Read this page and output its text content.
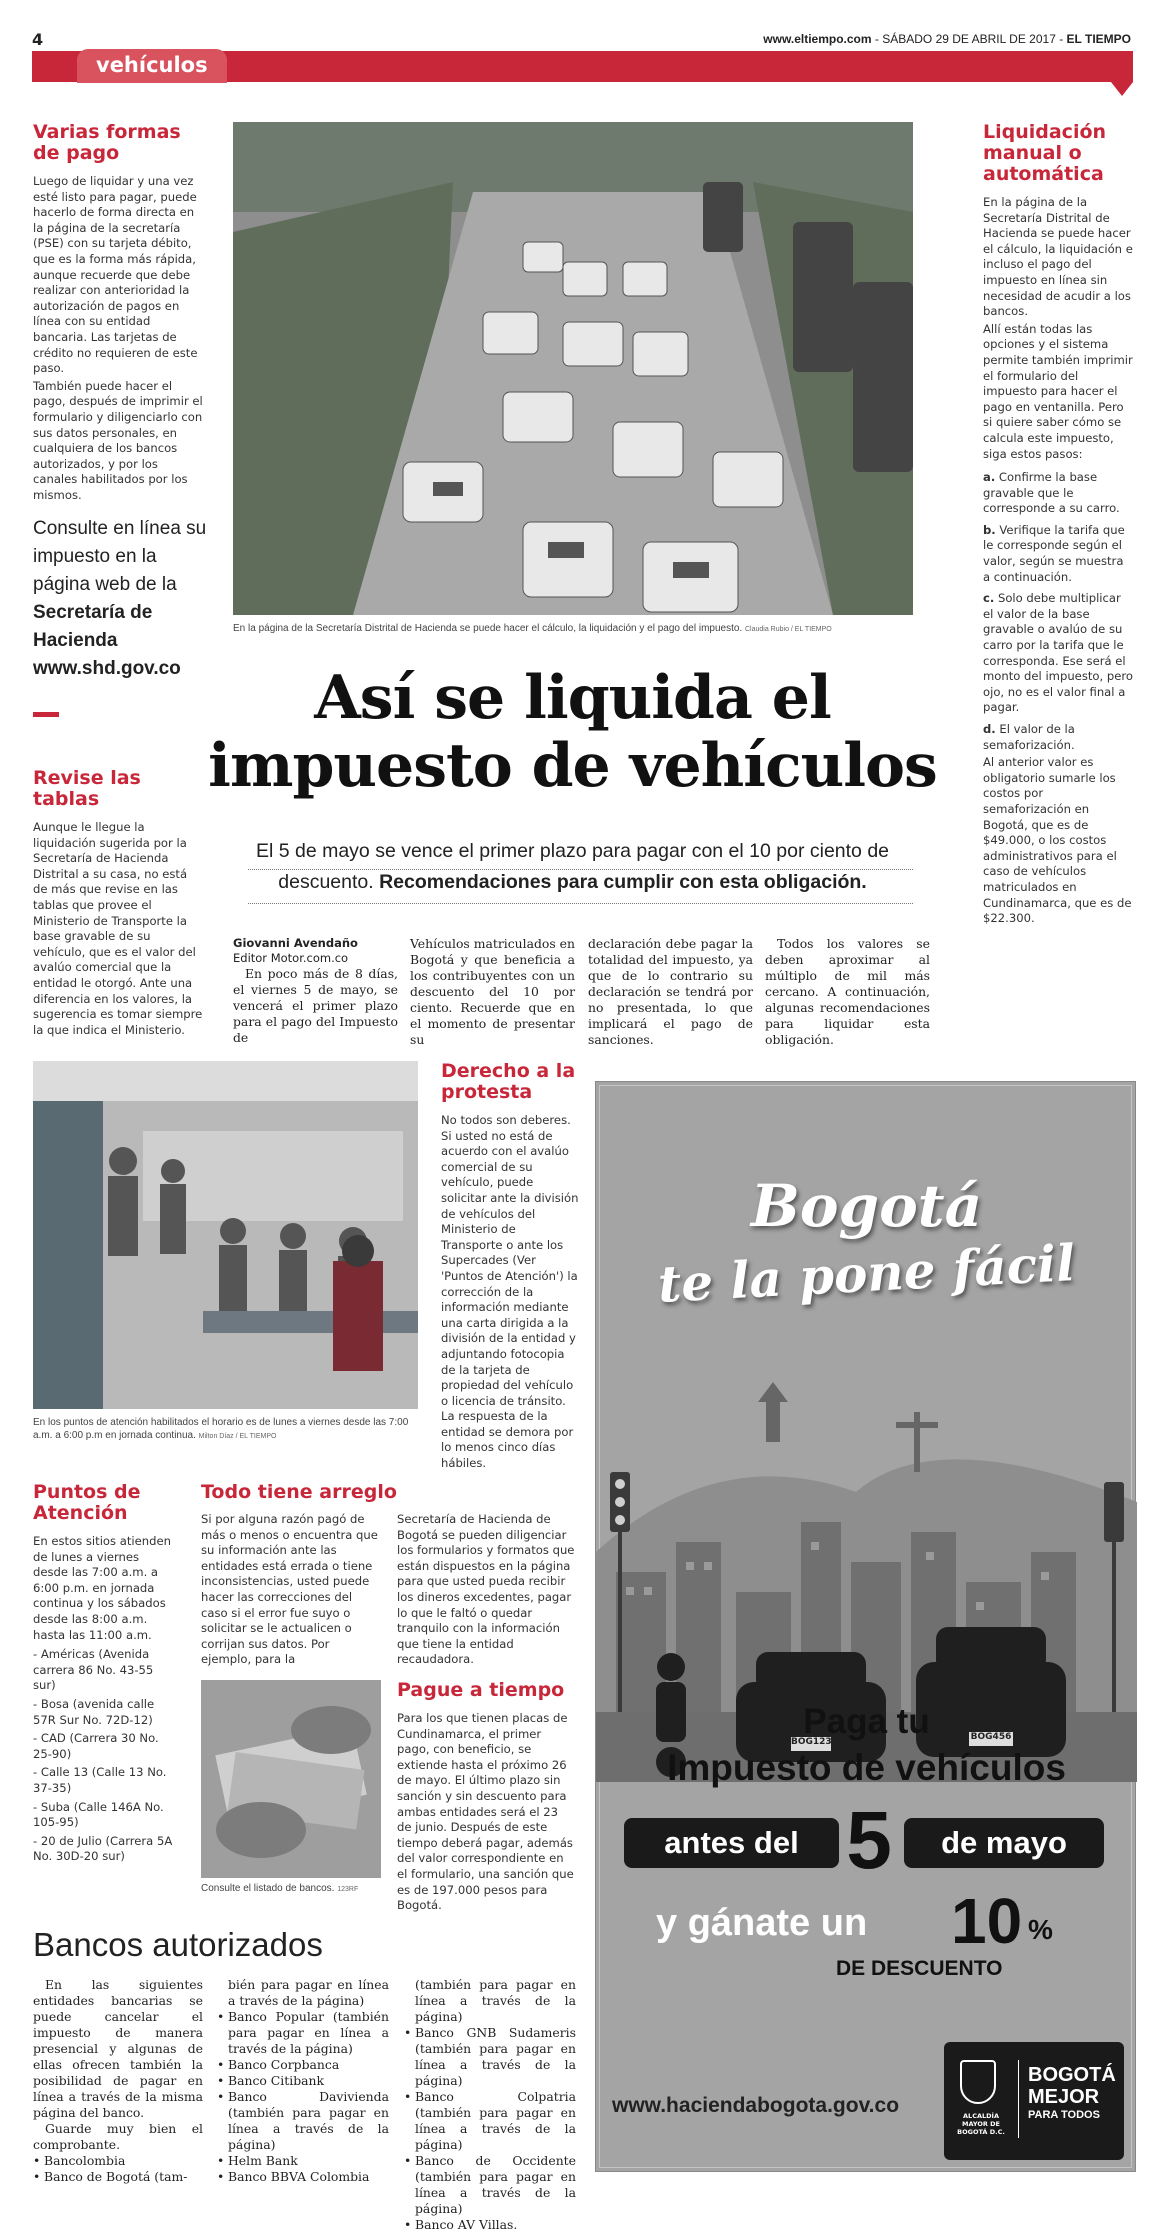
4	www.eltiempo.com - SÁBADO 29 DE ABRIL DE 2017 - EL TIEMPO
vehículos
Varias formas de pago

Luego de liquidar y una vez esté listo para pagar, puede hacerlo de forma directa en la página de la secretaría (PSE) con su tarjeta débito, que es la forma más rápida, aunque recuerde que debe realizar con anterioridad la autorización de pagos en línea con su entidad bancaria. Las tarjetas de crédito no requieren de este paso.

También puede hacer el pago, después de imprimir el formulario y diligenciarlo con sus datos personales, en cualquiera de los bancos autorizados, y por los canales habilitados por los mismos.

Consulte en línea su impuesto en la página web de la Secretaría de Hacienda
www.shd.gov.co
Revise las tablas
Aunque le llegue la liquidación sugerida por la Secretaría de Hacienda Distrital a su casa, no está de más que revise en las tablas que provee el Ministerio de Transporte la base gravable de su vehículo, que es el valor del avalúo comercial que la entidad le otorgó. Ante una diferencia en los valores, la sugerencia es tomar siempre la que indica el Ministerio.
En la página de la Secretaría Distrital de Hacienda se puede hacer el cálculo, la liquidación y el pago del impuesto. Claudia Rubio / EL TIEMPO
Así se liquida el
impuesto de vehículos
El 5 de mayo se vence el primer plazo para pagar con el 10 por ciento de descuento. Recomendaciones para cumplir con esta obligación.
Giovanni Avendaño
Editor Motor.com.co
En poco más de 8 días, el viernes 5 de mayo, se vencerá el primer plazo para el pago del Impuesto de
Vehículos matriculados en Bogotá y que beneficia a los contribuyentes con un descuento del 10 por ciento. Recuerde que en el momento de presentar su
declaración debe pagar la totalidad del impuesto, ya que de lo contrario su declaración se tendrá por no presentada, lo que implicará el pago de sanciones.
Todos los valores se deben aproximar al múltiplo de mil más cercano. A continuación, algunas recomendaciones para liquidar esta obligación.
Liquidación manual o automática

En la página de la Secretaría Distrital de Hacienda se puede hacer el cálculo, la liquidación e incluso el pago del impuesto en línea sin necesidad de acudir a los bancos.

Allí están todas las opciones y el sistema permite también imprimir el formulario del impuesto para hacer el pago en ventanilla. Pero si quiere saber cómo se calcula este impuesto, siga estos pasos:

a. Confirme la base gravable que le corresponde a su carro.

b. Verifique la tarifa que le corresponde según el valor, según se muestra a continuación.

c. Solo debe multiplicar el valor de la base gravable o avalúo de su carro por la tarifa que le corresponda. Ese será el monto del impuesto, pero ojo, no es el valor final a pagar.

d. El valor de la semaforización.

Al anterior valor es obligatorio sumarle los costos por semaforización en Bogotá, que es de $49.000, o los costos administrativos para el caso de vehículos matriculados en Cundinamarca, que es de $22.300.

En los puntos de atención habilitados el horario es de lunes a viernes desde las 7:00 a.m. a 6:00 p.m en jornada continua. Milton Díaz / EL TIEMPO
Derecho a la protesta
No todos son deberes. Si usted no está de acuerdo con el avalúo comercial de su vehículo, puede solicitar ante la división de vehículos del Ministerio de Transporte o ante los Supercades (Ver 'Puntos de Atención') la corrección de la información mediante una carta dirigida a la división de la entidad y adjuntando fotocopia de la tarjeta de propiedad del vehículo o licencia de tránsito. La respuesta de la entidad se demora por lo menos cinco días hábiles.
Puntos de Atención
En estos sitios atienden de lunes a viernes desde las 7:00 a.m. a 6:00 p.m. en jornada continua y los sábados desde las 8:00 a.m. hasta las 11:00 a.m.
- Américas (Avenida carrera 86 No. 43-55 sur)
- Bosa (avenida calle 57R Sur No. 72D-12)
- CAD (Carrera 30 No. 25-90)
- Calle 13 (Calle 13 No. 37-35)
- Suba (Calle 146A No. 105-95)
- 20 de Julio (Carrera 5A No. 30D-20 sur)
Todo tiene arreglo
Si por alguna razón pagó de más o menos o encuentra que su información ante las entidades está errada o tiene inconsistencias, usted puede hacer las correcciones del caso si el error fue suyo o solicitar se le actualicen o corrijan sus datos. Por ejemplo, para la
Secretaría de Hacienda de Bogotá se pueden diligenciar los formularios y formatos que están dispuestos en la página para que usted pueda recibir los dineros excedentes, pagar lo que le faltó o quedar tranquilo con la información que tiene la entidad recaudadora.
Consulte el listado de bancos. 123RF
Pague a tiempo
Para los que tienen placas de Cundinamarca, el primer pago, con beneficio, se extiende hasta el próximo 26 de mayo. El último plazo sin sanción y sin descuento para ambas entidades será el 23 de junio. Después de este tiempo deberá pagar, además del valor correspondiente en el formulario, una sanción que es de 197.000 pesos para Bogotá.
Bancos autorizados

En las siguientes entidades bancarias se puede cancelar el impuesto de manera presencial y algunas de ellas ofrecen también la posibilidad de pagar en línea a través de la misma página del banco.

Guarde muy bien el comprobante.

• Bancolombia
• Banco de Bogotá (tam-

bién para pagar en línea a través de la página)

• Banco Popular (también para pagar en línea a través de la página)
• Banco Corpbanca
• Banco Citibank
• Banco Davivienda (también para pagar en línea a través de la página)
• Helm Bank
• Banco BBVA Colombia

(también para pagar en línea a través de la página)

• Banco GNB Sudameris (también para pagar en línea a través de la página)
• Banco Colpatria (también para pagar en línea a través de la página)
• Banco de Occidente (también para pagar en línea a través de la página)
• Banco AV Villas.
Bogotá
te la pone fácil
BOG123	BOG456
Paga tu
Impuesto de vehículos
antes del 5	de mayo
y gánate un 10 %
DE DESCUENTO
www.haciendabogota.gov.co	ALCALDÍA MAYOR DE BOGOTÁ D.C.
BOGOTÁ
MEJOR
PARA TODOS
